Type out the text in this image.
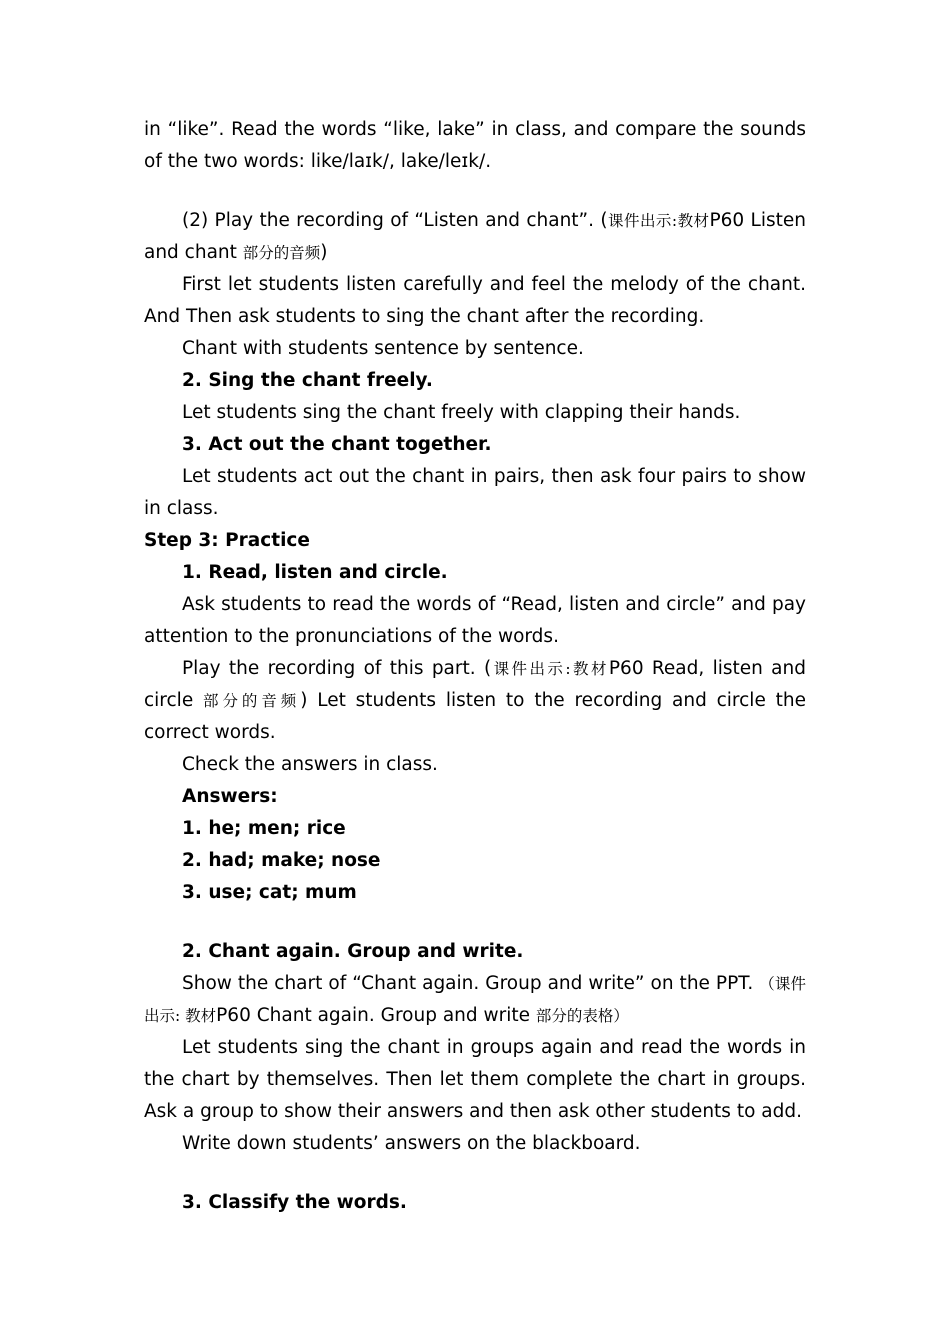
in “like”. Read the words “like, lake” in class, and compare the sounds of the two words: like/laɪk/, lake/leɪk/.

(2) Play the recording of “Listen and chant”. (课件出示:教材P60 Listen and chant 部分的音频)

First let students listen carefully and feel the melody of the chant. And Then ask students to sing the chant after the recording.

Chant with students sentence by sentence.

2. Sing the chant freely.

Let students sing the chant freely with clapping their hands.

3. Act out the chant together.

Let students act out the chant in pairs, then ask four pairs to show in class.

Step 3: Practice

1. Read, listen and circle.

Ask students to read the words of “Read, listen and circle” and pay attention to the pronunciations of the words.

Play the recording of this part. (课件出示:教材P60 Read, listen and circle 部分的音频) Let students listen to the recording and circle the correct words.

Check the answers in class.

Answers:

1. he; men; rice

2. had; make; nose

3. use; cat; mum

2. Chant again. Group and write.

Show the chart of “Chant again. Group and write” on the PPT. （课件出示: 教材P60 Chant again. Group and write 部分的表格）

Let students sing the chant in groups again and read the words in the chart by themselves. Then let them complete the chart in groups. Ask a group to show their answers and then ask other students to add.

Write down students’ answers on the blackboard.

3. Classify the words.
